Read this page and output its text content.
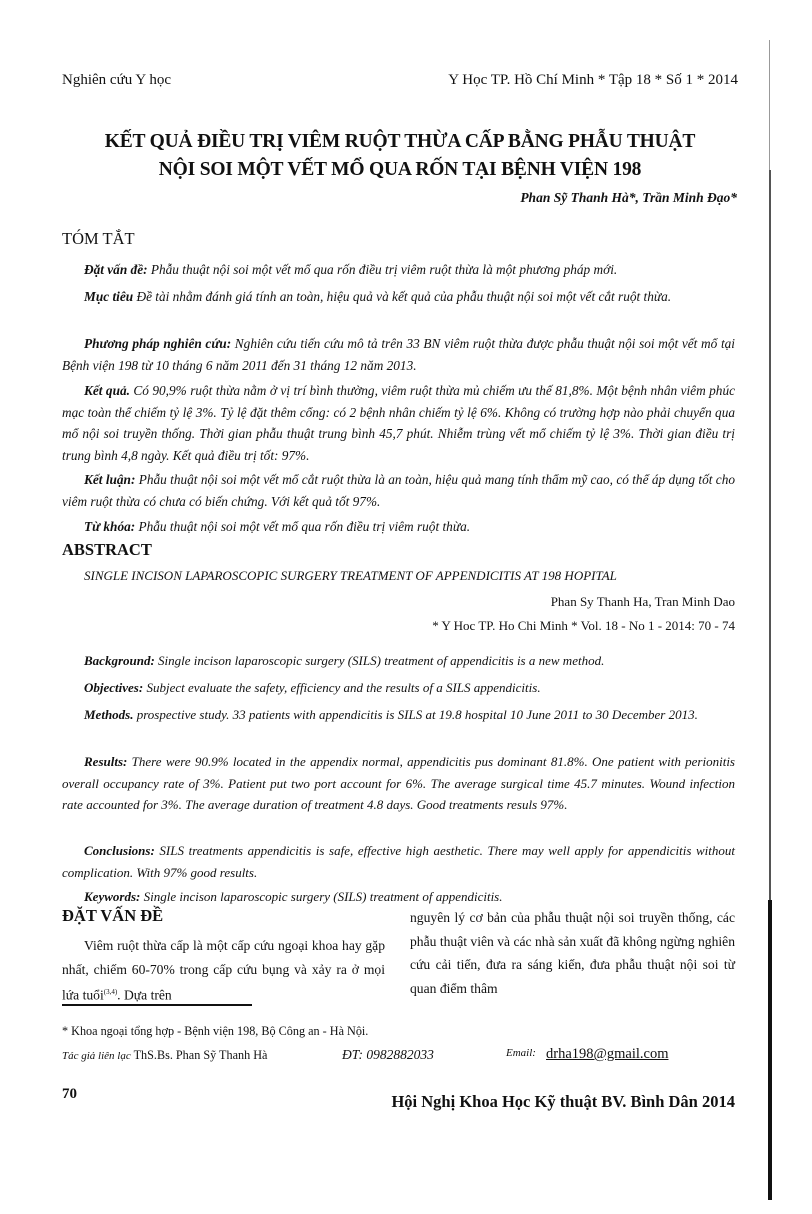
Nghiên cứu Y học	Y Học TP. Hồ Chí Minh * Tập 18 * Số 1 * 2014
KẾT QUẢ ĐIỀU TRỊ VIÊM RUỘT THỪA CẤP BẰNG PHẪU THUẬT
NỘI SOI MỘT VẾT MỔ QUA RỐN TẠI BỆNH VIỆN 198
Phan Sỹ Thanh Hà*, Trần Minh Đạo*
TÓM TẮT
Đặt vấn đề: Phẫu thuật nội soi một vết mổ qua rốn điều trị viêm ruột thừa là một phương pháp mới.
Mục tiêu Đề tài nhằm đánh giá tính an toàn, hiệu quả và kết quả của phẫu thuật nội soi một vết cắt ruột thừa.
Phương pháp nghiên cứu: Nghiên cứu tiến cứu mô tả trên 33 BN viêm ruột thừa được phẫu thuật nội soi một vết mổ tại Bệnh viện 198 từ 10 tháng 6 năm 2011 đến 31 tháng 12 năm 2013.
Kết quả. Có 90,9% ruột thừa nằm ở vị trí bình thường, viêm ruột thừa mủ chiếm ưu thế 81,8%. Một bệnh nhân viêm phúc mạc toàn thể chiếm tỷ lệ 3%. Tỷ lệ đặt thêm cổng: có 2 bệnh nhân chiếm tỷ lệ 6%. Không có trường hợp nào phải chuyển qua mổ nội soi truyền thống. Thời gian phẫu thuật trung bình 45,7 phút. Nhiễm trùng vết mổ chiếm tỷ lệ 3%. Thời gian điều trị trung bình 4,8 ngày. Kết quả điều trị tốt: 97%.
Kết luận: Phẫu thuật nội soi một vết mổ cắt ruột thừa là an toàn, hiệu quả mang tính thẩm mỹ cao, có thể áp dụng tốt cho viêm ruột thừa có chưa có biến chứng. Với kết quả tốt 97%.
Từ khóa: Phẫu thuật nội soi một vết mổ qua rốn điều trị viêm ruột thừa.
ABSTRACT
SINGLE INCISON LAPAROSCOPIC SURGERY TREATMENT OF APPENDICITIS AT 198 HOPITAL
Phan Sy Thanh Ha, Tran Minh Dao
* Y Hoc TP. Ho Chi Minh * Vol. 18 - No 1 - 2014: 70 - 74
Background: Single incison laparoscopic surgery (SILS) treatment of appendicitis is a new method.
Objectives: Subject evaluate the safety, efficiency and the results of a SILS appendicitis.
Methods. prospective study. 33 patients with appendicitis is SILS at 19.8 hospital 10 June 2011 to 30 December 2013.
Results: There were 90.9% located in the appendix normal, appendicitis pus dominant 81.8%. One patient with perionitis overall occupancy rate of 3%. Patient put two port account for 6%. The average surgical time 45.7 minutes. Wound infection rate accounted for 3%. The average duration of treatment 4.8 days. Good treatments resuls 97%.
Conclusions: SILS treatments appendicitis is safe, effective high aesthetic. There may well apply for appendicitis without complication. With 97% good results.
Keywords: Single incison laparoscopic surgery (SILS) treatment of appendicitis.
ĐẶT VẤN ĐỀ
Viêm ruột thừa cấp là một cấp cứu ngoại khoa hay gặp nhất, chiếm 60-70% trong cấp cứu bụng và xảy ra ở mọi lứa tuổi$^{(3,4)}$. Dựa trên
nguyên lý cơ bản của phẫu thuật nội soi truyền thống, các phẫu thuật viên và các nhà sản xuất đã không ngừng nghiên cứu cải tiến, đưa ra sáng kiến, đưa phẫu thuật nội soi từ quan điểm thâm
* Khoa ngoại tổng hợp - Bệnh viện 198, Bộ Công an - Hà Nội.
Tác giả liên lạc ThS.Bs. Phan Sỹ Thanh Hà	ĐT: 0982882033	Email: drha198@gmail.com
70	Hội Nghị Khoa Học Kỹ thuật BV. Bình Dân 2014
